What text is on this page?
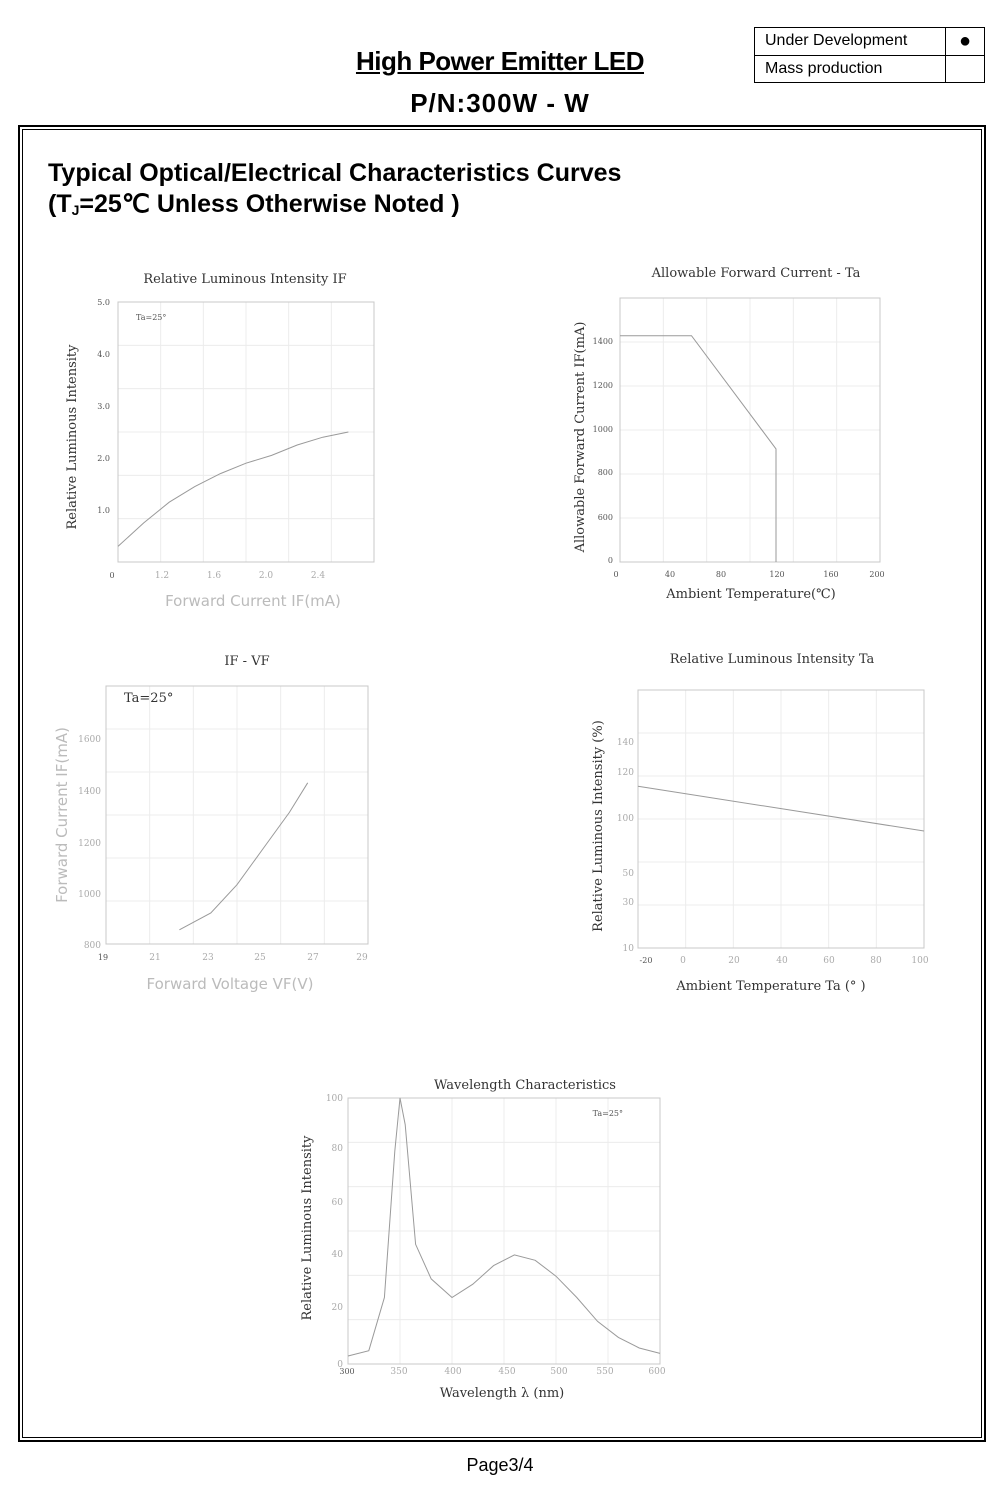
Under Development	●
Mass production	
High Power Emitter LED
P/N:300W - W
Typical Optical/Electrical Characteristics Curves
($T_J=25℃$ Unless Otherwise Noted )
Relative Luminous Intensity IF
Forward Current IF(mA)
Relative Luminous Intensity
Ta=25°
0	1.2	1.6	2.0	2.4
1.0
2.0
3.0
4.0
5.0
Allowable Forward Current - Ta
Ambient Temperature(℃)
Allowable Forward Current IF(mA)
0	40	80	120	160	200
0
600
800
1000
1200
1400
IF - VF
Forward Voltage VF(V)
Forward Current IF(mA)
Ta=25°
19	21	23	25	27	29
800
1000
1200
1400
1600
Relative Luminous Intensity Ta
Ambient Temperature Ta (° )
Relative Luminous Intensity (%)
-20	0	20	40	60	80	100
10
30
50
100
120
140
Wavelength Characteristics
Wavelength λ (nm)
Relative Luminous Intensity
Ta=25°
300	350	400	450	500	550	600
0
20
40
60
80
100
Page3/4
